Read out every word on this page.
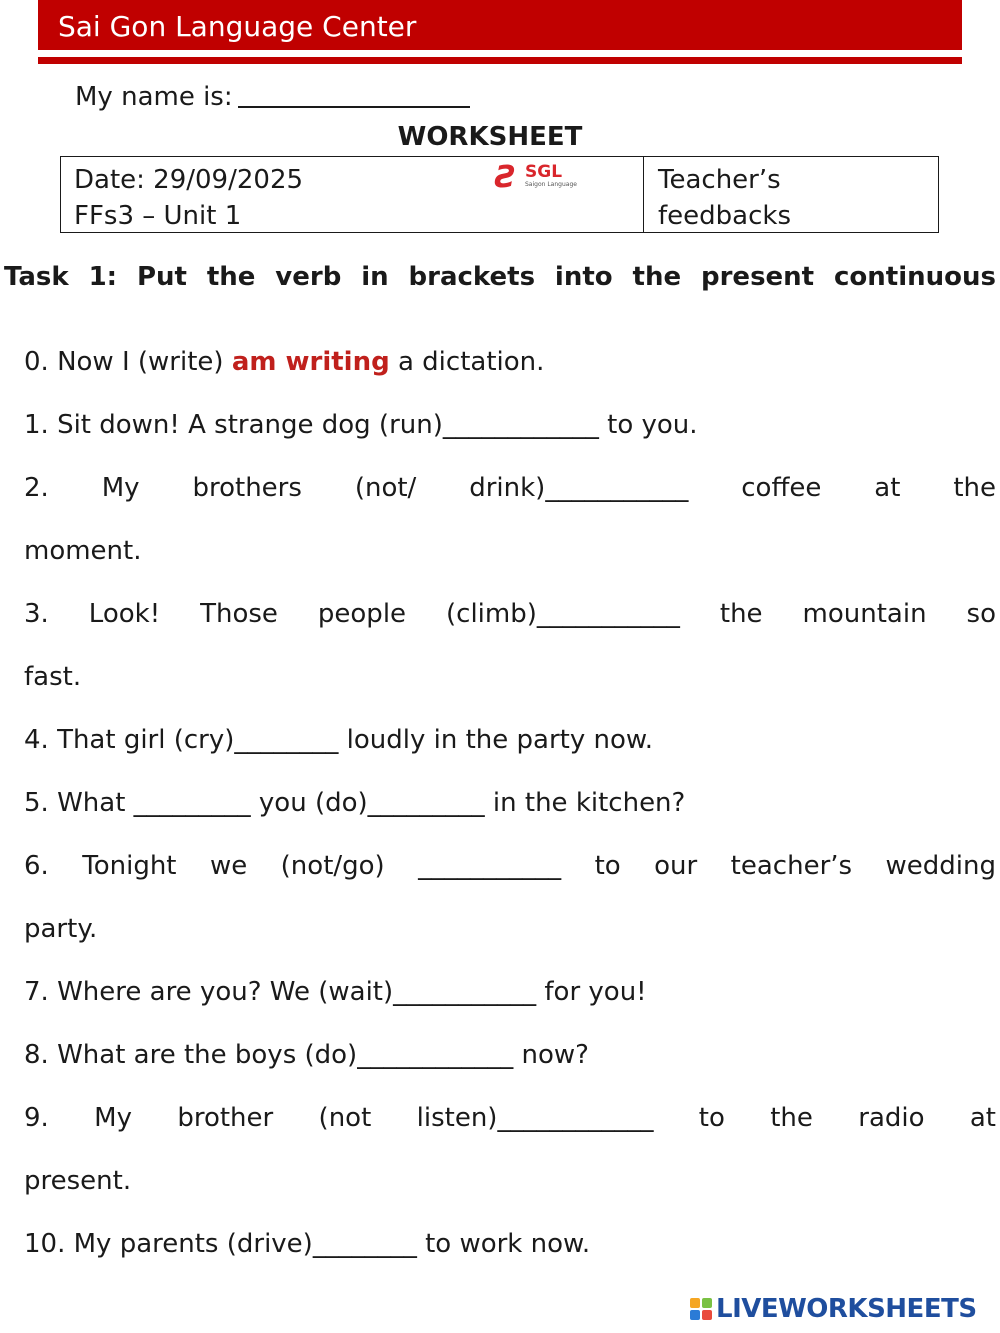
Sai Gon Language Center
My name is:
WORKSHEET
Date: 29/09/2025
FFs3 – Unit 1
Ƨ SGL
Saigon Language	Teacher’s
feedbacks
Task 1: Put the verb in brackets into the present continuous
0. Now I (write) am writing a dictation.
1. Sit down! A strange dog (run)____________ to you.
2. My brothers (not/ drink)___________ coffee at the
moment.
3. Look! Those people (climb)___________ the mountain so
fast.
4. That girl (cry)________ loudly in the party now.
5. What _________ you (do)_________ in the kitchen?
6. Tonight we (not/go) ___________ to our teacher’s wedding
party.
7. Where are you? We (wait)___________ for you!
8. What are the boys (do)____________ now?
9. My brother (not listen)____________ to the radio at
present.
10. My parents (drive)________ to work now.
LIVEWORKSHEETS
